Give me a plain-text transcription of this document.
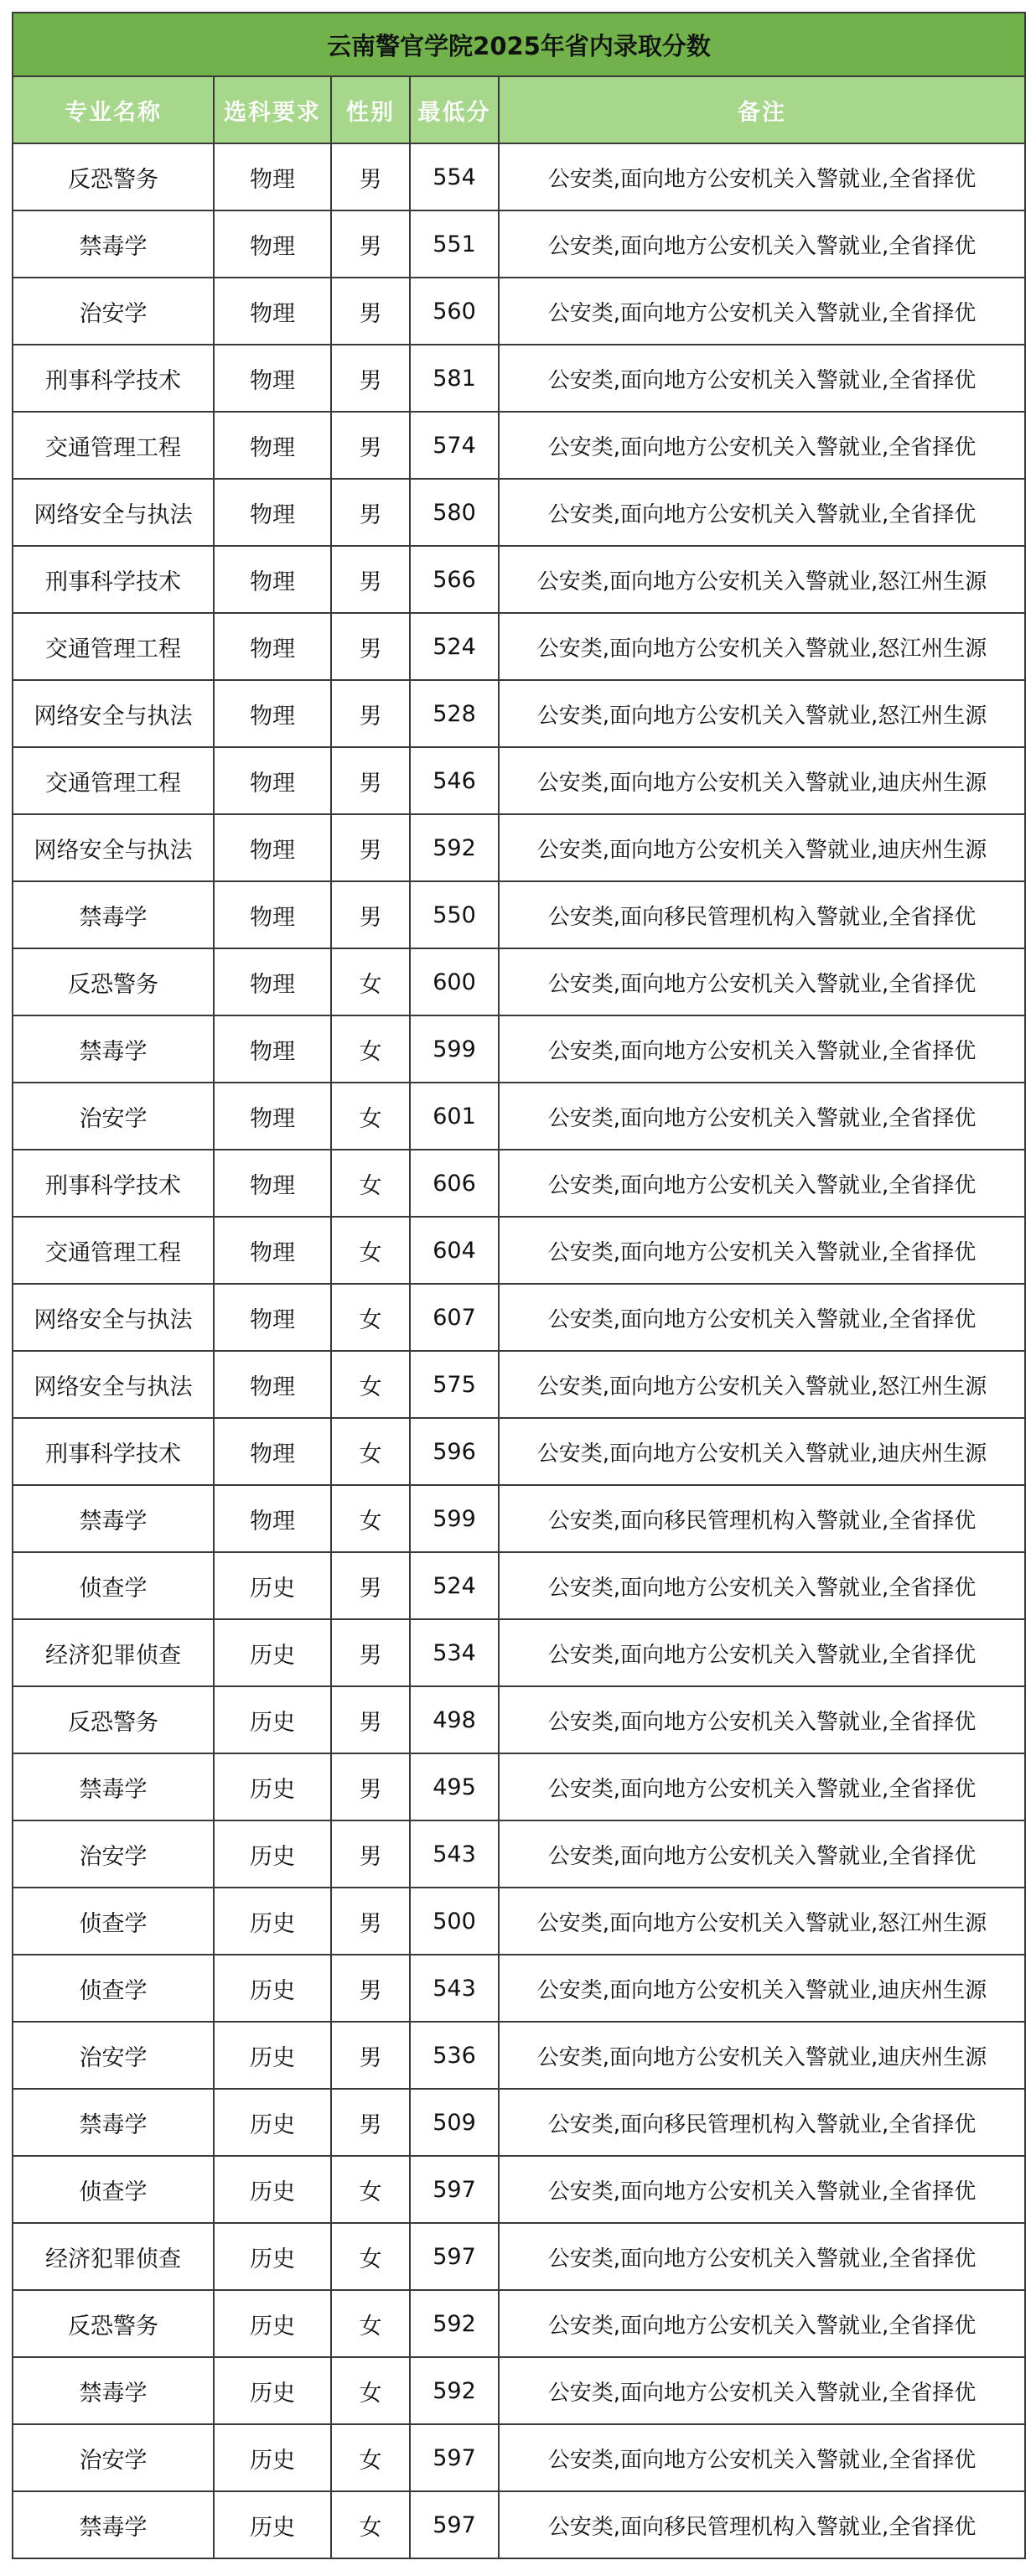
云南警官学院2025年省内录取分数				
专业名称	选科要求	性别	最低分	备注
反恐警务	物理	男	554	公安类,面向地方公安机关入警就业,全省择优
禁毒学	物理	男	551	公安类,面向地方公安机关入警就业,全省择优
治安学	物理	男	560	公安类,面向地方公安机关入警就业,全省择优
刑事科学技术	物理	男	581	公安类,面向地方公安机关入警就业,全省择优
交通管理工程	物理	男	574	公安类,面向地方公安机关入警就业,全省择优
网络安全与执法	物理	男	580	公安类,面向地方公安机关入警就业,全省择优
刑事科学技术	物理	男	566	公安类,面向地方公安机关入警就业,怒江州生源
交通管理工程	物理	男	524	公安类,面向地方公安机关入警就业,怒江州生源
网络安全与执法	物理	男	528	公安类,面向地方公安机关入警就业,怒江州生源
交通管理工程	物理	男	546	公安类,面向地方公安机关入警就业,迪庆州生源
网络安全与执法	物理	男	592	公安类,面向地方公安机关入警就业,迪庆州生源
禁毒学	物理	男	550	公安类,面向移民管理机构入警就业,全省择优
反恐警务	物理	女	600	公安类,面向地方公安机关入警就业,全省择优
禁毒学	物理	女	599	公安类,面向地方公安机关入警就业,全省择优
治安学	物理	女	601	公安类,面向地方公安机关入警就业,全省择优
刑事科学技术	物理	女	606	公安类,面向地方公安机关入警就业,全省择优
交通管理工程	物理	女	604	公安类,面向地方公安机关入警就业,全省择优
网络安全与执法	物理	女	607	公安类,面向地方公安机关入警就业,全省择优
网络安全与执法	物理	女	575	公安类,面向地方公安机关入警就业,怒江州生源
刑事科学技术	物理	女	596	公安类,面向地方公安机关入警就业,迪庆州生源
禁毒学	物理	女	599	公安类,面向移民管理机构入警就业,全省择优
侦查学	历史	男	524	公安类,面向地方公安机关入警就业,全省择优
经济犯罪侦查	历史	男	534	公安类,面向地方公安机关入警就业,全省择优
反恐警务	历史	男	498	公安类,面向地方公安机关入警就业,全省择优
禁毒学	历史	男	495	公安类,面向地方公安机关入警就业,全省择优
治安学	历史	男	543	公安类,面向地方公安机关入警就业,全省择优
侦查学	历史	男	500	公安类,面向地方公安机关入警就业,怒江州生源
侦查学	历史	男	543	公安类,面向地方公安机关入警就业,迪庆州生源
治安学	历史	男	536	公安类,面向地方公安机关入警就业,迪庆州生源
禁毒学	历史	男	509	公安类,面向移民管理机构入警就业,全省择优
侦查学	历史	女	597	公安类,面向地方公安机关入警就业,全省择优
经济犯罪侦查	历史	女	597	公安类,面向地方公安机关入警就业,全省择优
反恐警务	历史	女	592	公安类,面向地方公安机关入警就业,全省择优
禁毒学	历史	女	592	公安类,面向地方公安机关入警就业,全省择优
治安学	历史	女	597	公安类,面向地方公安机关入警就业,全省择优
禁毒学	历史	女	597	公安类,面向移民管理机构入警就业,全省择优
